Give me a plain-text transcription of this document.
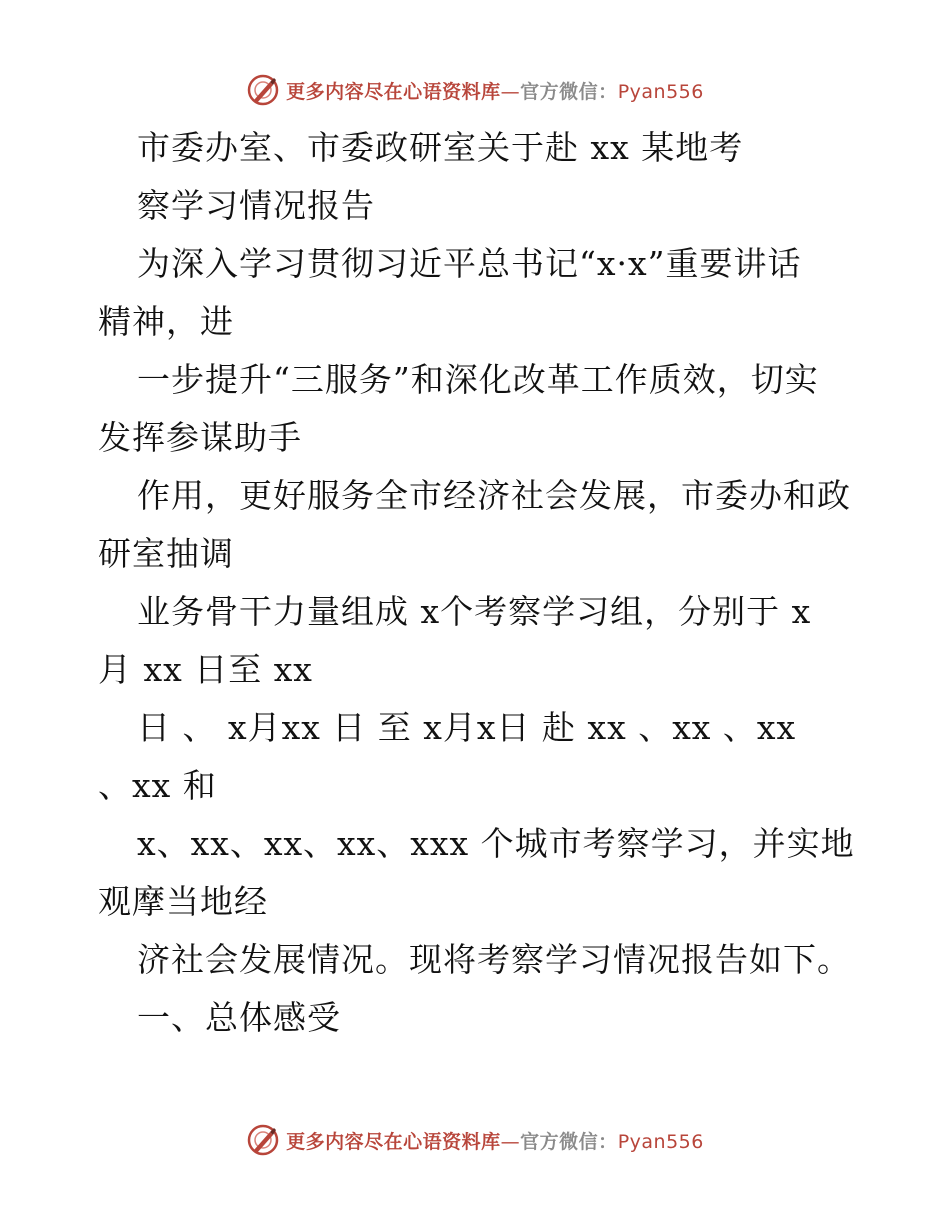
更多内容尽在心语资料库—官方微信：Pyan556
市委办室、市委政研室关于赴 xx 某地考
察学习情况报告
为深入学习贯彻习近平总书记“x·x”重要讲话
精神，进
一步提升“三服务”和深化改革工作质效，切实
发挥参谋助手
作用，更好服务全市经济社会发展，市委办和政
研室抽调
业务骨干力量组成 x个考察学习组，分别于 x
月 xx 日至 xx
日 、 x月xx 日 至 x月x日 赴 xx 、xx 、xx
、xx 和
x、xx、xx、xx、xxx 个城市考察学习，并实地
观摩当地经
济社会发展情况。现将考察学习情况报告如下。
一、总体感受
更多内容尽在心语资料库—官方微信：Pyan556
